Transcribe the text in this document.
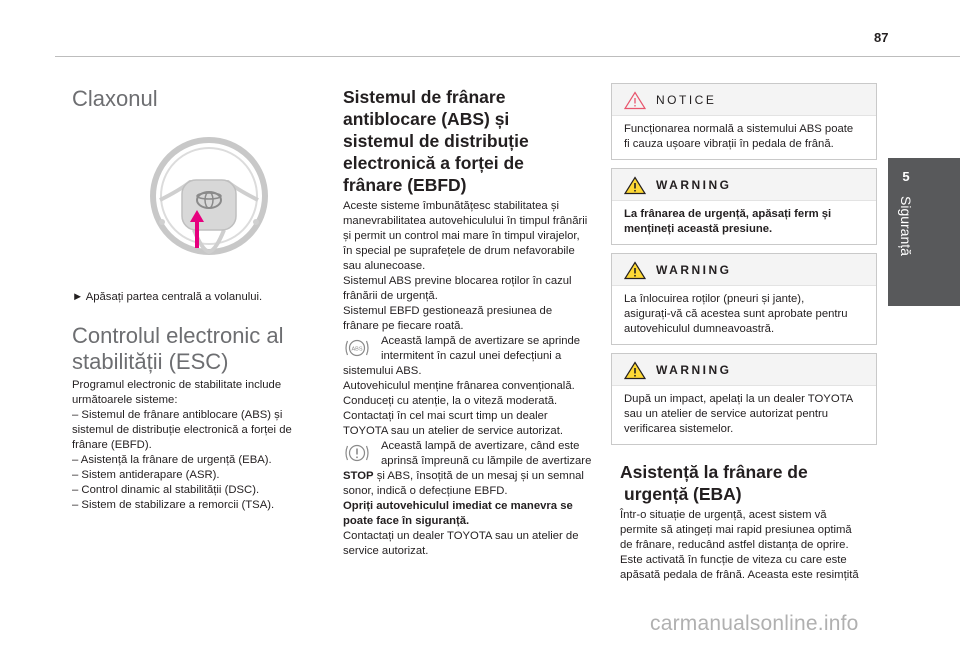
87
5
Siguranță
Claxonul
► Apăsați partea centrală a volanului.
Controlul electronic al
stabilității (ESC)
Programul electronic de stabilitate include
următoarele sisteme:
– Sistemul de frânare antiblocare (ABS) și
sistemul de distribuție electronică a forței de
frânare (EBFD).
– Asistență la frânare de urgență (EBA).
– Sistem antiderapare (ASR).
– Control dinamic al stabilității (DSC).
– Sistem de stabilizare a remorcii (TSA).
Sistemul de frânare
antiblocare (ABS) și
sistemul de distribuție
electronică a forței de
frânare (EBFD)
Aceste sisteme îmbunătățesc stabilitatea și
manevrabilitatea autovehiculului în timpul frânării
și permit un control mai mare în timpul virajelor,
în special pe suprafețele de drum nefavorabile
sau alunecoase.
Sistemul ABS previne blocarea roților în cazul
frânării de urgență.
Sistemul EBFD gestionează presiunea de
frânare pe fiecare roată.
ABS
Această lampă de avertizare se aprinde
intermitent în cazul unei defecțiuni a
sistemului ABS.
Autovehiculul menține frânarea convențională.
Conduceți cu atenție, la o viteză moderată.
Contactați în cel mai scurt timp un dealer
TOYOTA sau un atelier de service autorizat.
Această lampă de avertizare, când este
aprinsă împreună cu lămpile de avertizare
STOP și ABS, însoțită de un mesaj și un semnal
sonor, indică o defecțiune EBFD.
Opriți autovehiculul imediat ce manevra se
poate face în siguranță.
Contactați un dealer TOYOTA sau un atelier de
service autorizat.
NOTICE
Funcționarea normală a sistemului ABS poate
fi cauza ușoare vibrații în pedala de frână.
WARNING
La frânarea de urgență, apăsați ferm și
mențineți această presiune.
WARNING
La înlocuirea roților (pneuri și jante),
asigurați-vă că acestea sunt aprobate pentru
autovehiculul dumneavoastră.
WARNING
După un impact, apelați la un dealer TOYOTA
sau un atelier de service autorizat pentru
verificarea sistemelor.
Asistență la frânare de
urgență (EBA)
Într-o situație de urgență, acest sistem vă
permite să atingeți mai rapid presiunea optimă
de frânare, reducând astfel distanța de oprire.
Este activată în funcție de viteza cu care este
apăsată pedala de frână. Aceasta este resimțită
carmanualsonline.info
